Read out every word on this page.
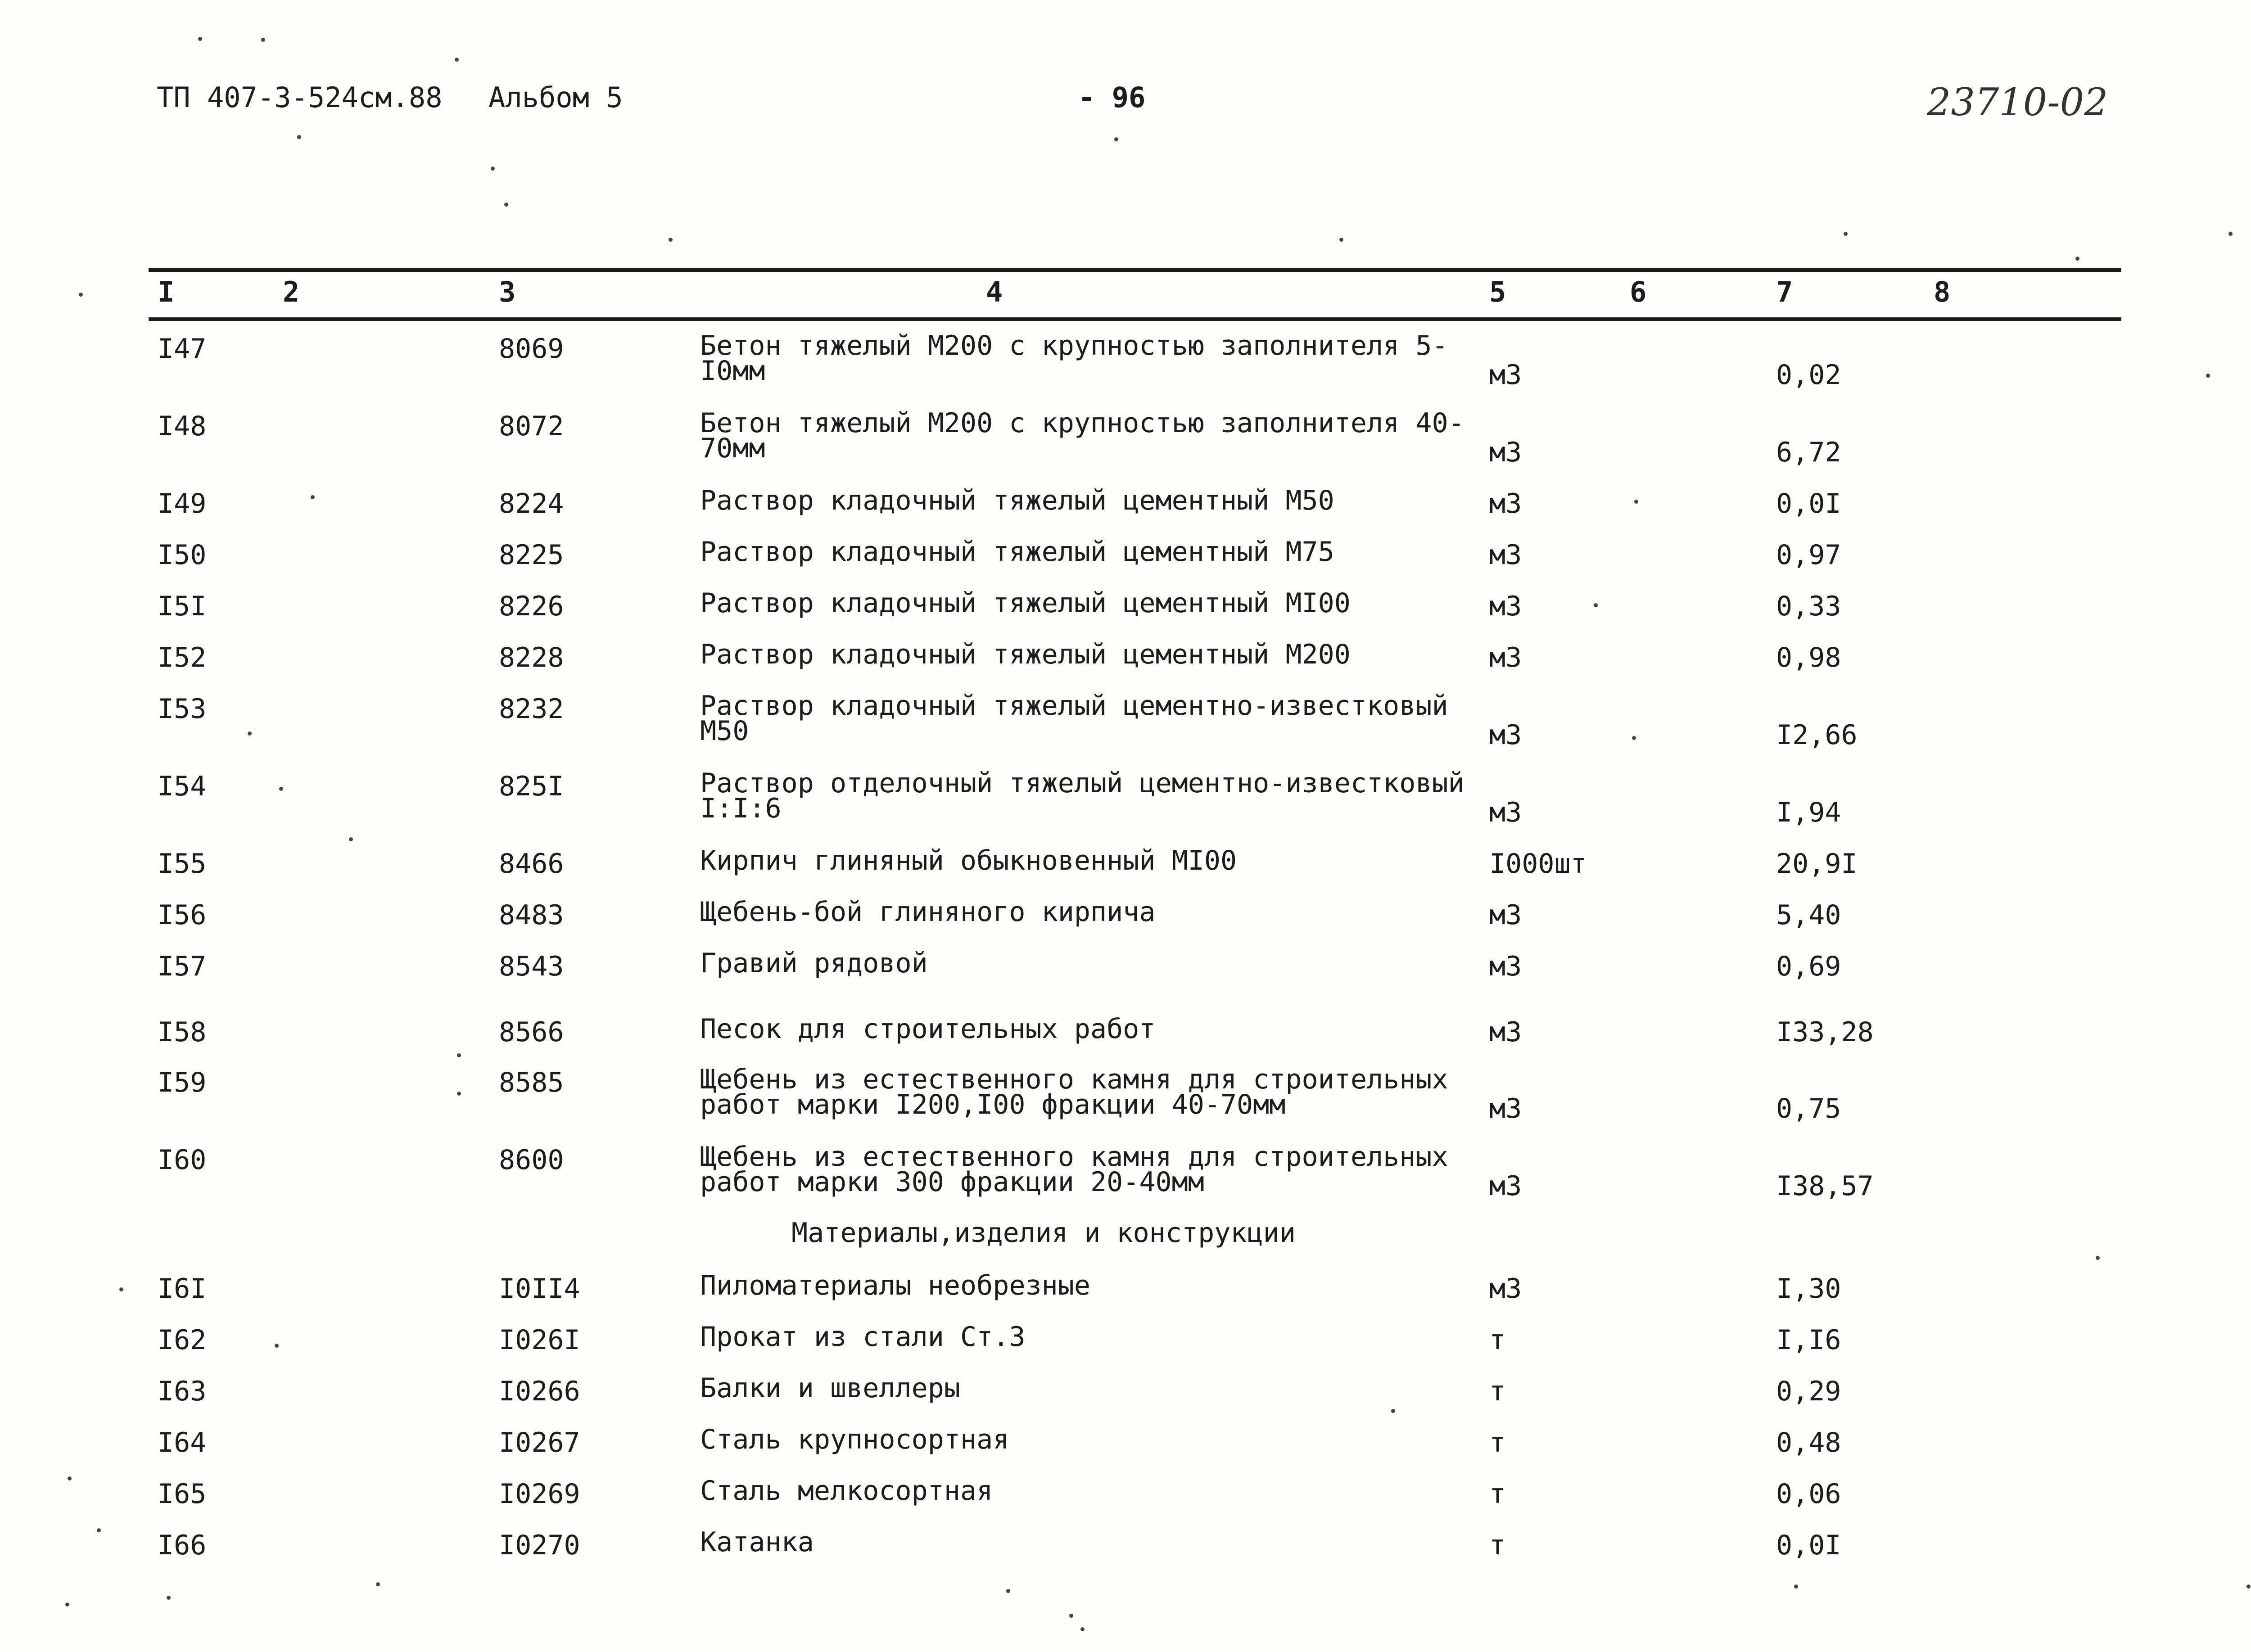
ТП 407-3-524см.88 Альбом 5	- 96	23710-02
I	2	3	4	5	6	7	8
I47	8069	Бетон тяжелый М200 с крупностью заполнителя 5-I0мм	м3	0,02
I48	8072	Бетон тяжелый М200 с крупностью заполнителя 40-70мм	м3	6,72
I49	8224	Раствор кладочный тяжелый цементный М50	м3	0,0I
I50	8225	Раствор кладочный тяжелый цементный М75	м3	0,97
I5I	8226	Раствор кладочный тяжелый цементный МI00	м3	0,33
I52	8228	Раствор кладочный тяжелый цементный М200	м3	0,98
I53	8232	Раствор кладочный тяжелый цементно-известковый М50	м3	I2,66
I54	825I	Раствор отделочный тяжелый цементно-известковый I:I:6	м3	I,94
I55	8466	Кирпич глиняный обыкновенный МI00	I000шт	20,9I
I56	8483	Щебень-бой глиняного кирпича	м3	5,40
I57	8543	Гравий рядовой	м3	0,69
I58	8566	Песок для строительных работ	м3	I33,28
I59	8585	Щебень из естественного камня для строительных работ марки I200,I00 фракции 40-70мм	м3	0,75
I60	8600	Щебень из естественного камня для строительных работ марки 300 фракции 20-40мм	м3	I38,57
Материалы,изделия и конструкции
I6I	I0II4	Пиломатериалы необрезные	м3	I,30
I62	I026I	Прокат из стали Ст.3	т	I,I6
I63	I0266	Балки и швеллеры	т	0,29
I64	I0267	Сталь крупносортная	т	0,48
I65	I0269	Сталь мелкосортная	т	0,06
I66	I0270	Катанка	т	0,0I
